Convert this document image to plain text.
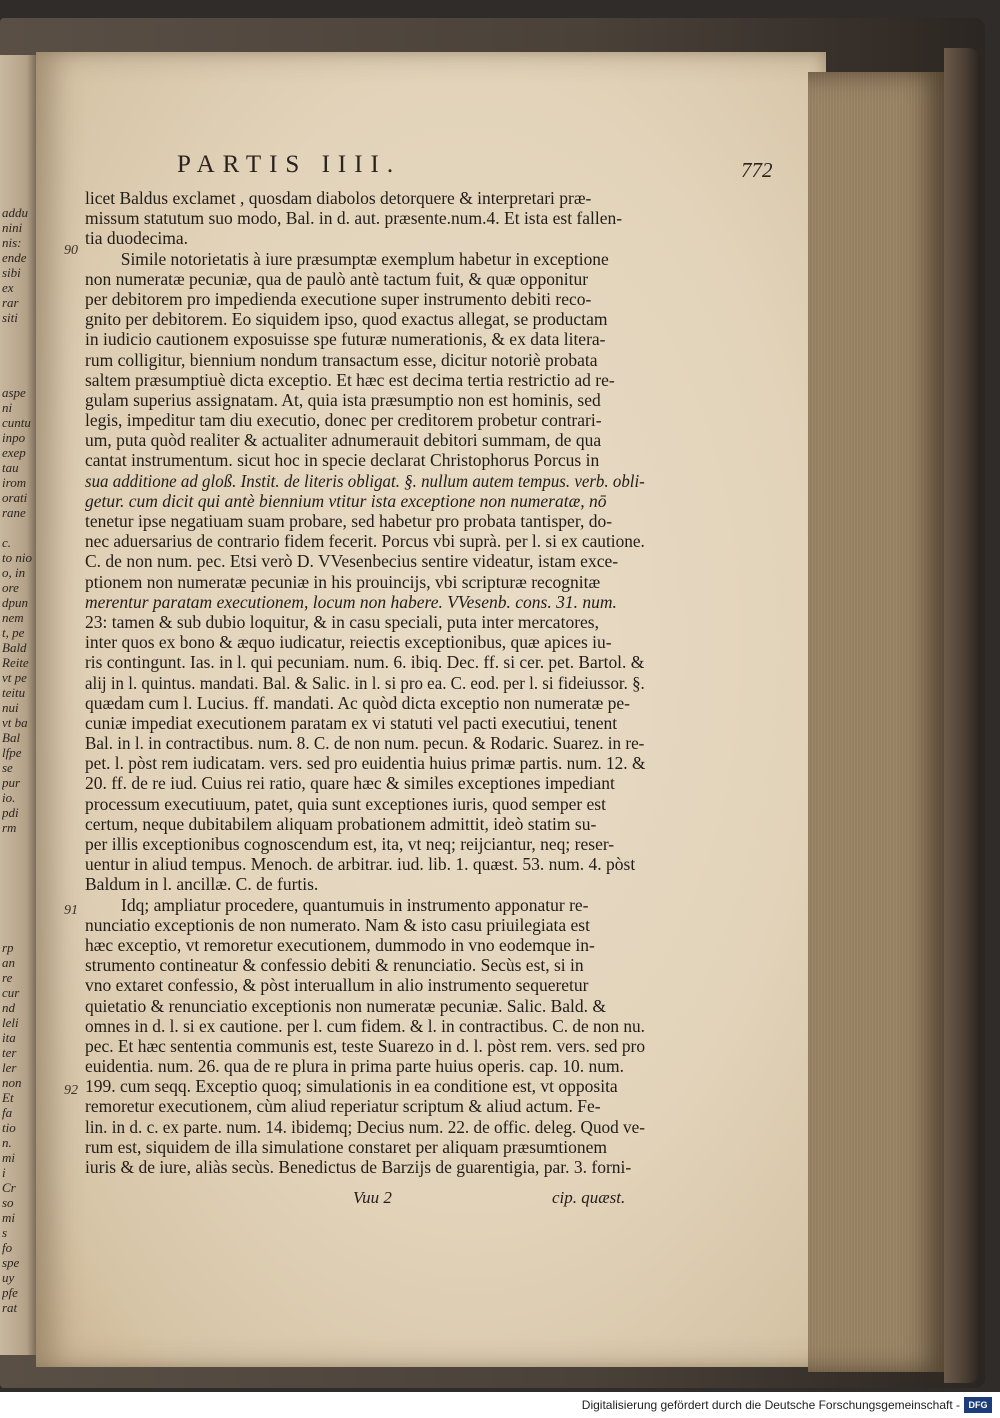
addu
nini
nis:
ende
sibi
ex
rar
siti
aspe
ni
cuntu
inpo
exep
tau
irom
orati
rane
c.
to nio
o, in
ore
dpun
nem
t, pe
Bald
Reite
vt pe
teitu
nui
vt ba
Bal
lfpe
se
pur
io.
pdi
rm
rp
an
re
cur
nd
leli
ita
ter
ler
non
Et
fa
tio
n.
mi
i
Cr
so
mi
s
fo
spe
uy
pfe
rat
PARTIS IIII.	772
90
91
92
licet Baldus exclamet , quosdam diabolos detorquere & interpretari præ-
missum statutum suo modo, Bal. in d. aut. præsente.num.4. Et ista est fallen-
tia duodecima.
Simile notorietatis à iure præsumptæ exemplum habetur in exceptione
non numeratæ pecuniæ, qua de paulò antè tactum fuit, & quæ opponitur
per debitorem pro impedienda executione super instrumento debiti reco-
gnito per debitorem. Eo siquidem ipso, quod exactus allegat, se productam
in iudicio cautionem exposuisse spe futuræ numerationis, & ex data litera-
rum colligitur, biennium nondum transactum esse, dicitur notoriè probata
saltem præsumptiuè dicta exceptio. Et hæc est decima tertia restrictio ad re-
gulam superius assignatam. At, quia ista præsumptio non est hominis, sed
legis, impeditur tam diu executio, donec per creditorem probetur contrari-
um, puta quòd realiter & actualiter adnumerauit debitori summam, de qua
cantat instrumentum. sicut hoc in specie declarat Christophorus Porcus in
sua additione ad gloß. Instit. de literis obligat. §. nullum autem tempus. verb. obli-
getur. cum dicit qui antè biennium vtitur ista exceptione non numeratæ, nō
tenetur ipse negatiuam suam probare, sed habetur pro probata tantisper, do-
nec aduersarius de contrario fidem fecerit. Porcus vbi suprà. per l. si ex cautione.
C. de non num. pec. Etsi verò D. VVesenbecius sentire videatur, istam exce-
ptionem non numeratæ pecuniæ in his prouincijs, vbi scripturæ recognitæ
merentur paratam executionem, locum non habere. VVesenb. cons. 31. num.
23: tamen & sub dubio loquitur, & in casu speciali, puta inter mercatores,
inter quos ex bono & æquo iudicatur, reiectis exceptionibus, quæ apices iu-
ris contingunt. Ias. in l. qui pecuniam. num. 6. ibiq. Dec. ff. si cer. pet. Bartol. &
alij in l. quintus. mandati. Bal. & Salic. in l. si pro ea. C. eod. per l. si fideiussor. §.
quædam cum l. Lucius. ff. mandati. Ac quòd dicta exceptio non numeratæ pe-
cuniæ impediat executionem paratam ex vi statuti vel pacti executiui, tenent
Bal. in l. in contractibus. num. 8. C. de non num. pecun. & Rodaric. Suarez. in re-
pet. l. pòst rem iudicatam. vers. sed pro euidentia huius primæ partis. num. 12. &
20. ff. de re iud. Cuius rei ratio, quare hæc & similes exceptiones impediant
processum executiuum, patet, quia sunt exceptiones iuris, quod semper est
certum, neque dubitabilem aliquam probationem admittit, ideò statim su-
per illis exceptionibus cognoscendum est, ita, vt neq; reijciantur, neq; reser-
uentur in aliud tempus. Menoch. de arbitrar. iud. lib. 1. quæst. 53. num. 4. pòst
Baldum in l. ancillæ. C. de furtis.
Idq; ampliatur procedere, quantumuis in instrumento apponatur re-
nunciatio exceptionis de non numerato. Nam & isto casu priuilegiata est
hæc exceptio, vt remoretur executionem, dummodo in vno eodemque in-
strumento contineatur & confessio debiti & renunciatio. Secùs est, si in
vno extaret confessio, & pòst interuallum in alio instrumento sequeretur
quietatio & renunciatio exceptionis non numeratæ pecuniæ. Salic. Bald. &
omnes in d. l. si ex cautione. per l. cum fidem. & l. in contractibus. C. de non nu.
pec. Et hæc sententia communis est, teste Suarezo in d. l. pòst rem. vers. sed pro
euidentia. num. 26. qua de re plura in prima parte huius operis. cap. 10. num.
199. cum seqq. Exceptio quoq; simulationis in ea conditione est, vt opposita
remoretur executionem, cùm aliud reperiatur scriptum & aliud actum. Fe-
lin. in d. c. ex parte. num. 14. ibidemq; Decius num. 22. de offic. deleg. Quod ve-
rum est, siquidem de illa simulatione constaret per aliquam præsumtionem
iuris & de iure, aliàs secùs. Benedictus de Barzijs de guarentigia, par. 3. forni-
Vuu 2	cip. quæst.
Digitalisierung gefördert durch die Deutsche Forschungsgemeinschaft - DFG
